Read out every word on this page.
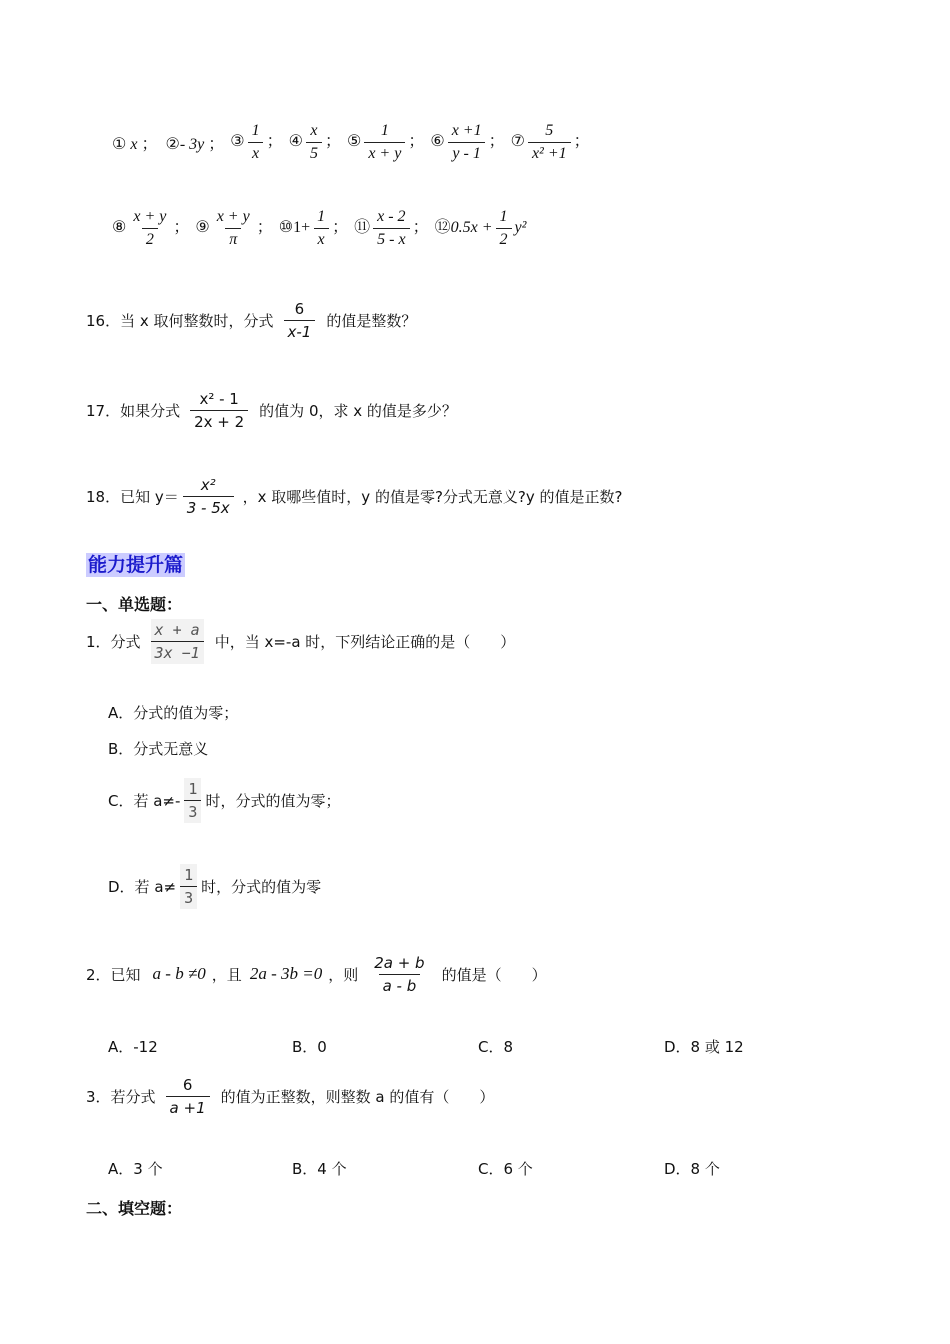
① x ； ②- 3y ； ③ $\frac{1}{x}$ ； ④ $\frac{x}{5}$ ； ⑤ $\frac{1}{x + y}$ ； ⑥ $\frac{x +1}{y - 1}$ ； ⑦ $\frac{5}{\text{x² +1}}$ ；
⑧ $\frac{x + y}{2}$ ； ⑨ $\frac{x + y}{\pi}$ ； ⑩1+ $\frac{1}{x}$ ； ⑪ $\frac{x - 2}{5 - x}$ ； ⑫0.5x + $\frac{1}{2} y^2$
16．当 x 取何整数时，分式 $\frac{6}{x-1}$ 的值是整数？
17．如果分式 $\frac{\text{x² - 1}}{2x + 2}$ 的值为 0，求 x 的值是多少？
18．已知 $y= \frac{\text{x²}}{3 - 5x}$ ，x 取哪些值时，y 的值是零?分式无意义?y 的值是正数?
能力提升篇
一、单选题：
1．分式 $\frac{x + a}{3x -1}$ 中，当 x=-a 时，下列结论正确的是（　　）
A．分式的值为零；
B．分式无意义
C．若 $a\ne- \frac{1}{3}$ 时，分式的值为零；
D．若 $a\ne \frac{1}{3}$ 时，分式的值为零
2．已知 a - b ≠0 ，且 2a - 3b =0 ，则 $\frac{2a + b}{a - b}$ 的值是（　　）
A．-12	B．0	C．8	D．8 或 12
3．若分式 $\frac{6}{a +1}$ 的值为正整数，则整数 a 的值有（　　）
A．3 个	B．4 个	C．6 个	D．8 个
二、填空题：
